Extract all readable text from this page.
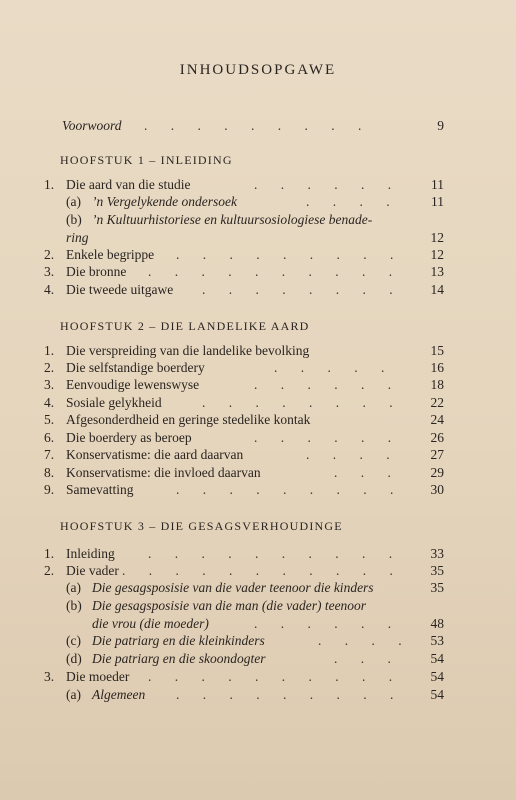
INHOUDSOPGAWE
Voorwoord . . . . . . . . .	9
HOOFSTUK 1 – INLEIDING
1. Die aard van die studie	. . . . . . 11
(a) ’n Vergelykende ondersoek	. . . . 11
(b) ’n Kultuurhistoriese en kultuursosiologiese benade-
ring	12
2. Enkele begrippe . . . . . . . . . 12
3. Die bronne . . . . . . . . . . 13
4. Die tweede uitgawe . . . . . . . . 14
HOOFSTUK 2 – DIE LANDELIKE AARD
1. Die verspreiding van die landelike bevolking	15
2. Die selfstandige boerdery	. . . . .	16
3. Eenvoudige lewenswyse	. . . . . . 18
4. Sosiale gelykheid	. . . . . . . . 22
5. Afgesonderdheid en geringe stedelike kontak	24
6. Die boerdery as beroep	. . . . . . 26
7. Konservatisme: die aard daarvan	. . . . 27
8. Konservatisme: die invloed daarvan	. . . 29
9. Samevatting	. . . . . . . . . 30
HOOFSTUK 3 – DIE GESAGSVERHOUDINGE
1. Inleiding . . . . . . . . . . 33
2. Die vader . . . . . . . . . . . 35
(a) Die gesagsposisie van die vader teenoor die kinders	35
(b) Die gesagsposisie van die man (die vader) teenoor
die vrou (die moeder)	. . . . . . 48
(c) Die patriarg en die kleinkinders	. . . . 53
(d) Die patriarg en die skoondogter	. . . 54
3. Die moeder . . . . . . . . . . 54
(a) Algemeen . . . . . . . . . 54
